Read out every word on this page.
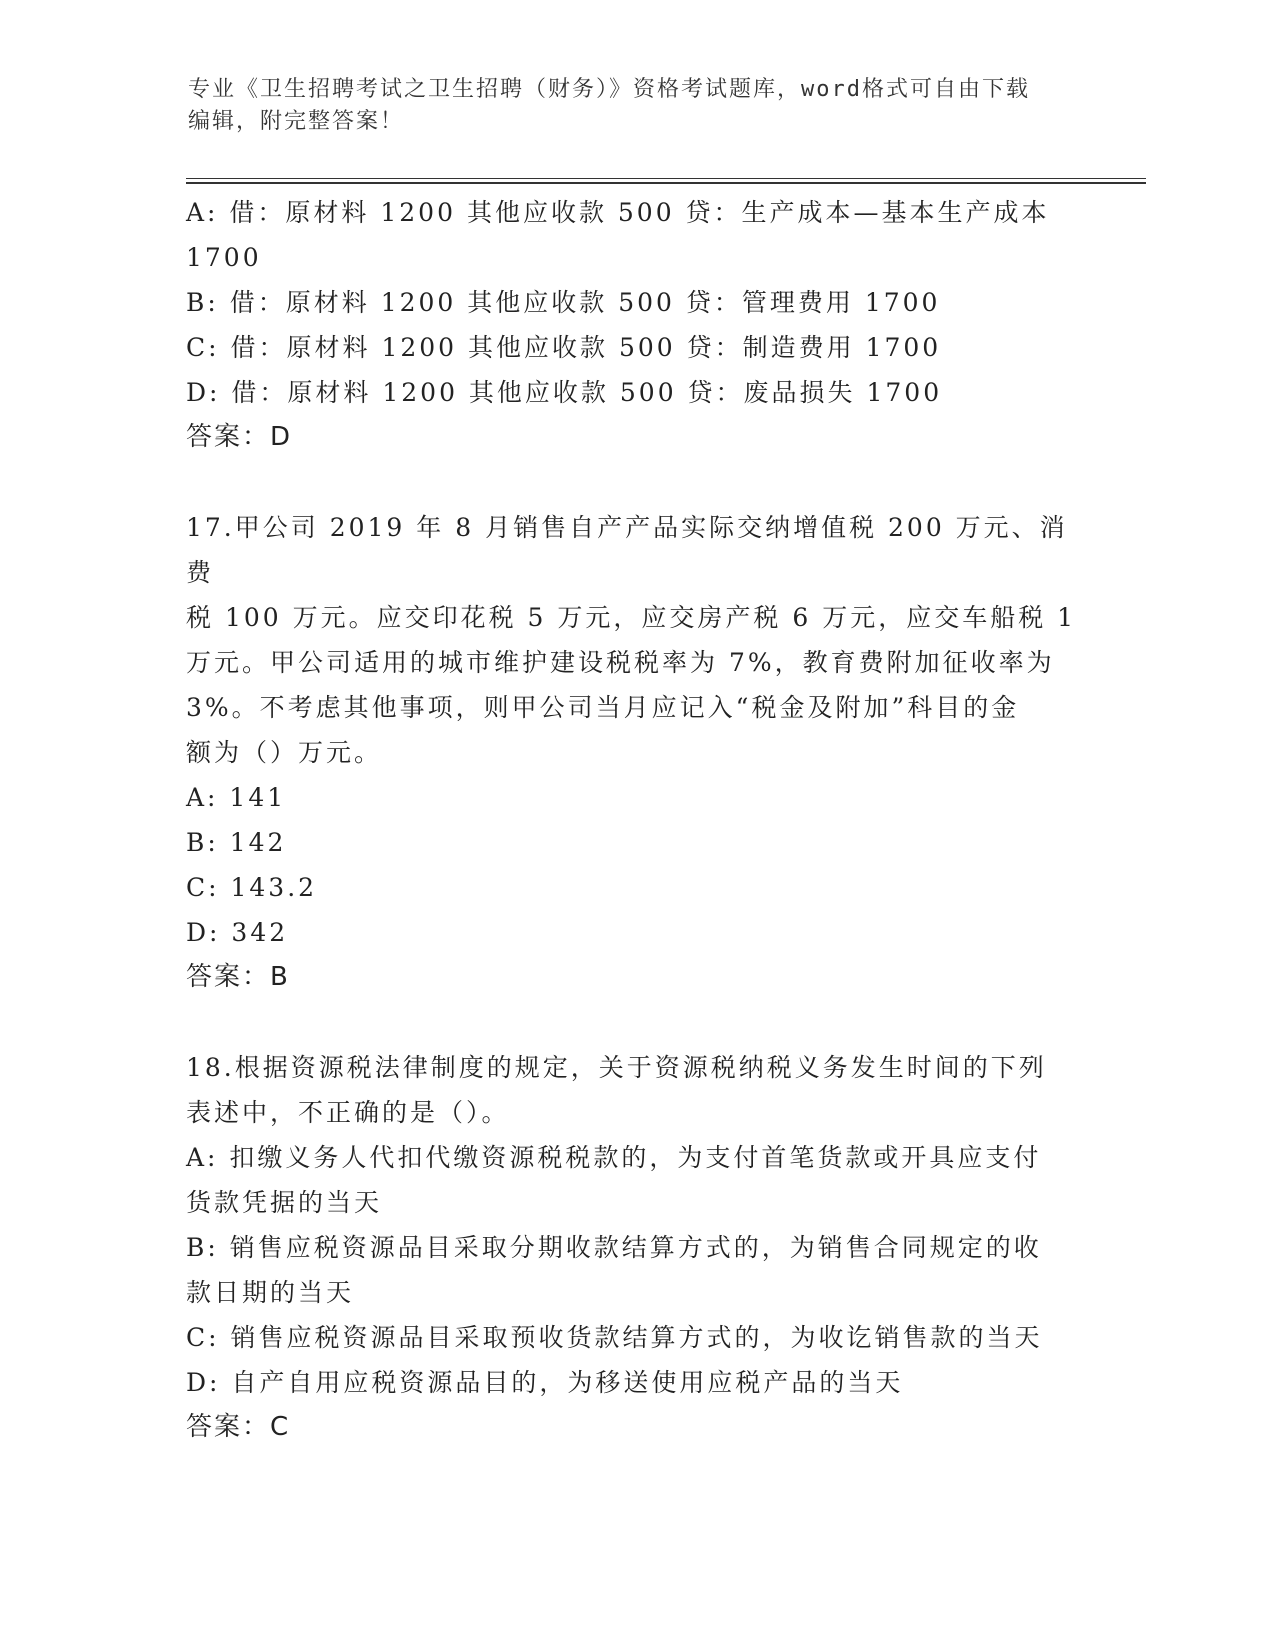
专业《卫生招聘考试之卫生招聘（财务）》资格考试题库，word格式可自由下载
编辑，附完整答案！

A: 借：原材料 1200 其他应收款 500 贷：生产成本—基本生产成本

1700

B: 借：原材料 1200 其他应收款 500 贷：管理费用 1700

C: 借：原材料 1200 其他应收款 500 贷：制造费用 1700

D: 借：原材料 1200 其他应收款 500 贷：废品损失 1700

答案：D

17.甲公司 2019 年 8 月销售自产产品实际交纳增值税 200 万元、消费

税 100 万元。应交印花税 5 万元，应交房产税 6 万元，应交车船税 1

万元。甲公司适用的城市维护建设税税率为 7%，教育费附加征收率为

3%。不考虑其他事项，则甲公司当月应记入“税金及附加”科目的金

额为（）万元。

A: 141

B: 142

C: 143.2

D: 342

答案：B

18.根据资源税法律制度的规定，关于资源税纳税义务发生时间的下列

表述中，不正确的是（）。

A: 扣缴义务人代扣代缴资源税税款的，为支付首笔货款或开具应支付

货款凭据的当天

B: 销售应税资源品目采取分期收款结算方式的，为销售合同规定的收

款日期的当天

C: 销售应税资源品目采取预收货款结算方式的，为收讫销售款的当天

D: 自产自用应税资源品目的，为移送使用应税产品的当天

答案：C
